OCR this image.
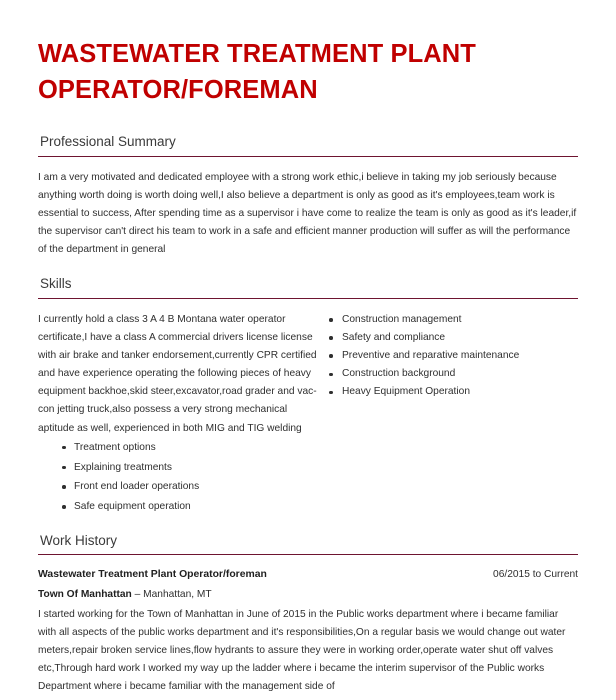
WASTEWATER TREATMENT PLANT OPERATOR/FOREMAN
Professional Summary

I am a very motivated and dedicated employee with a strong work ethic,i believe in taking my job seriously because anything worth doing is worth doing well,I also believe a department is only as good as it's employees,team work is essential to success, After spending time as a supervisor i have come to realize the team is only as good as it's leader,if the supervisor can't direct his team to work in a safe and efficient manner production will suffer as will the performance of the department in general

Skills

I currently hold a class 3 A 4 B Montana water operator certificate,I have a class A commercial drivers license license with air brake and tanker endorsement,currently CPR certified and have experience operating the following pieces of heavy equipment backhoe,skid steer,excavator,road grader and vac-con jetting truck,also possess a very strong mechanical aptitude as well, experienced in both MIG and TIG welding

Treatment options
Explaining treatments
Front end loader operations
Safe equipment operation
Construction management
Safety and compliance
Preventive and reparative maintenance
Construction background
Heavy Equipment Operation
Work History
Wastewater Treatment Plant Operator/foreman	06/2015 to Current
Town Of Manhattan – Manhattan, MT

I started working for the Town of Manhattan in June of 2015 in the Public works department where i became familiar with all aspects of the public works department and it's responsibilities,On a regular basis we would change out water meters,repair broken service lines,flow hydrants to assure they were in working order,operate water shut off valves etc,Through hard work I worked my way up the ladder where i became the interim supervisor of the Public works Department where i became familiar with the management side of
